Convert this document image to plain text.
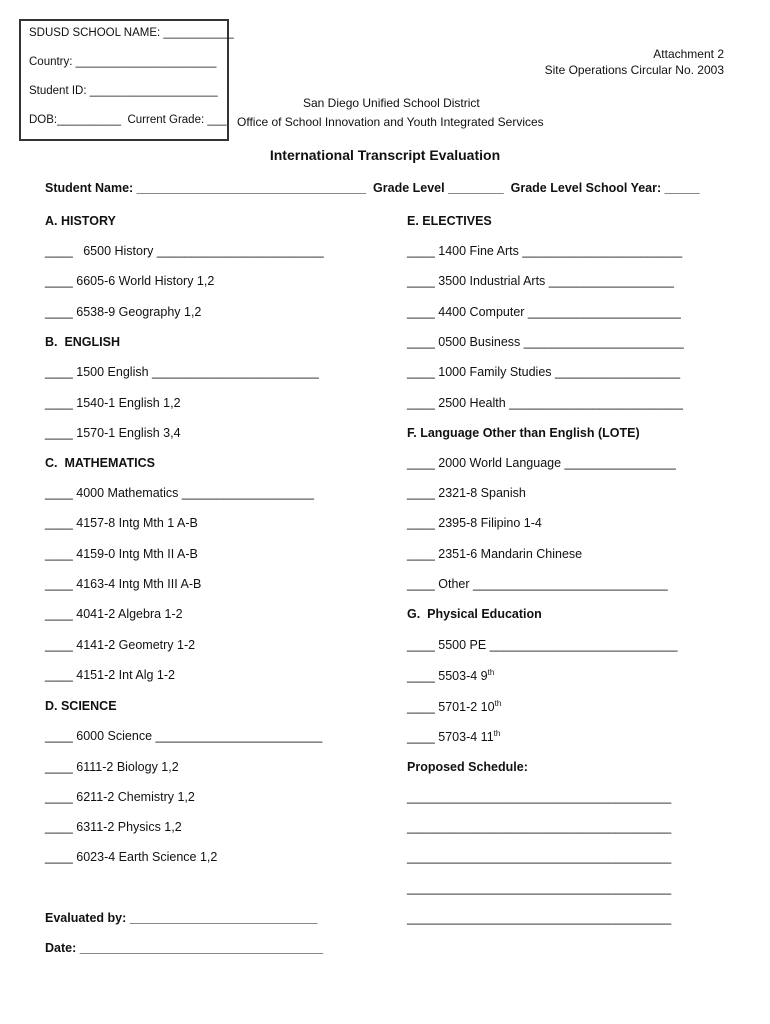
SDUSD SCHOOL NAME: ___________
Country: ______________________
Student ID: ____________________
DOB:__________  Current Grade: ___
Attachment 2
Site Operations Circular No. 2003
San Diego Unified School District
Office of School Innovation and Youth Integrated Services
International Transcript Evaluation
Student Name: _________________________________  Grade Level ________  Grade Level School Year: _____
A. HISTORY
____   6500 History ________________________
____ 6605-6 World History 1,2
____ 6538-9 Geography 1,2
B.  ENGLISH
____ 1500 English ________________________
____ 1540-1 English 1,2
____ 1570-1 English 3,4
C.  MATHEMATICS
____ 4000 Mathematics ___________________
____ 4157-8 Intg Mth 1 A-B
____ 4159-0 Intg Mth II A-B
____ 4163-4 Intg Mth III A-B
____ 4041-2 Algebra 1-2
____ 4141-2 Geometry 1-2
____ 4151-2 Int Alg 1-2
D. SCIENCE
____ 6000 Science ________________________
____ 6111-2 Biology 1,2
____ 6211-2 Chemistry 1,2
____ 6311-2 Physics 1,2
____ 6023-4 Earth Science 1,2
Evaluated by: ___________________________
Date: ___________________________________
E. ELECTIVES
____ 1400 Fine Arts _______________________
____ 3500 Industrial Arts __________________
____ 4400 Computer ______________________
____ 0500 Business _______________________
____ 1000 Family Studies __________________
____ 2500 Health _________________________
F. Language Other than English (LOTE)
____ 2000 World Language ________________
____ 2321-8 Spanish
____ 2395-8 Filipino 1-4
____ 2351-6 Mandarin Chinese
____ Other ____________________________
G.  Physical Education
____ 5500 PE ___________________________
____ 5503-4 9th
____ 5701-2 10th
____ 5703-4 11th
Proposed Schedule:
______________________________________
______________________________________
______________________________________
______________________________________
______________________________________
